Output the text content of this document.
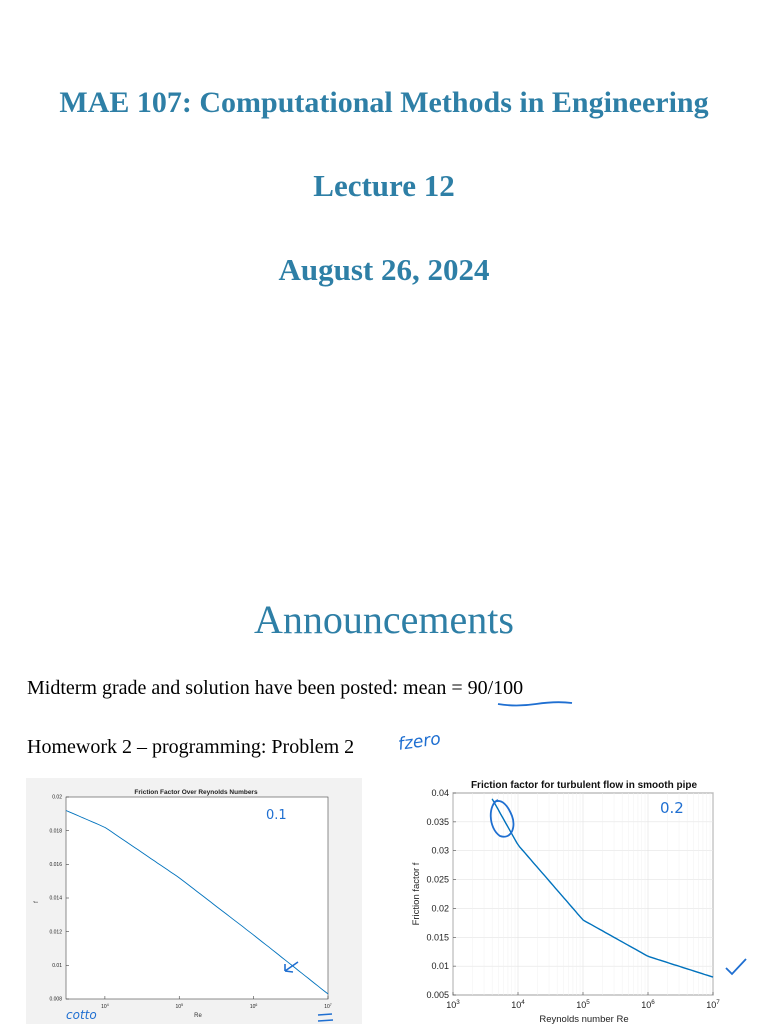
MAE 107: Computational Methods in Engineering
Lecture 12
August 26, 2024
Announcements

Midterm grade and solution have been posted: mean = 90/100

Homework 2 – programming: Problem 2	fzero
Friction Factor Over Reynolds Numbers
0.008
0.01
0.012
0.014
0.016
0.018
0.02
$10^4$	$10^5$	$10^6$	$10^7$
f
Re
Friction factor for turbulent flow in smooth pipe
0.005
0.01
0.015
0.02
0.025
0.03
0.035
0.04
$10^3$	$10^4$	$10^5$	$10^6$	$10^7$
Friction factor f
Reynolds number Re
0.1
cotto
0.2
